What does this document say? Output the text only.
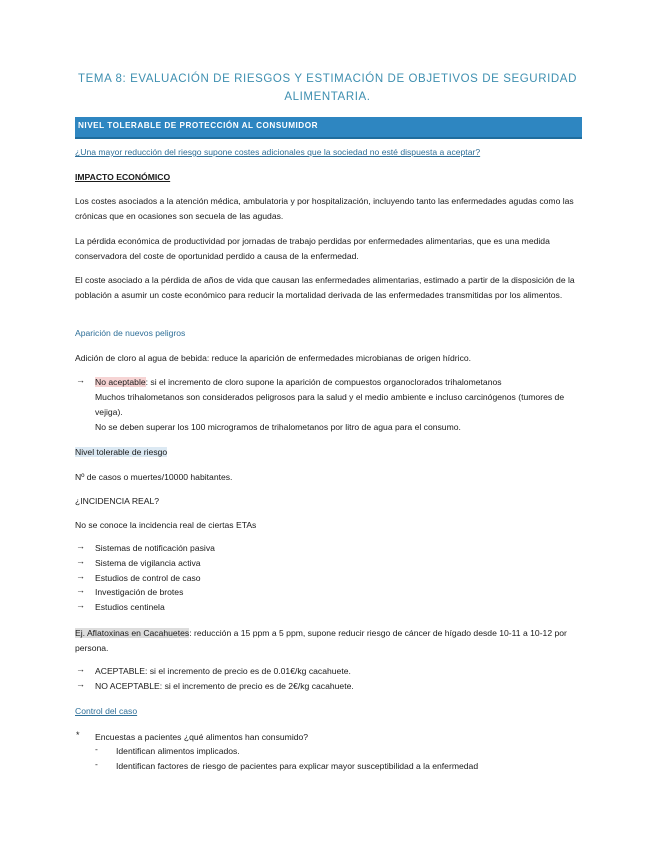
TEMA 8: EVALUACIÓN DE RIESGOS Y ESTIMACIÓN DE OBJETIVOS DE SEGURIDAD ALIMENTARIA.
NIVEL TOLERABLE DE PROTECCIÓN AL CONSUMIDOR
¿Una mayor reducción del riesgo supone costes adicionales que la sociedad no esté dispuesta a aceptar?
IMPACTO ECONÓMICO
Los costes asociados a la atención médica, ambulatoria y por hospitalización, incluyendo tanto las enfermedades agudas como las crónicas que en ocasiones son secuela de las agudas.
La pérdida económica de productividad por jornadas de trabajo perdidas por enfermedades alimentarias, que es una medida conservadora del coste de oportunidad perdido a causa de la enfermedad.
El coste asociado a la pérdida de años de vida que causan las enfermedades alimentarias, estimado a partir de la disposición de la población a asumir un coste económico para reducir la mortalidad derivada de las enfermedades transmitidas por los alimentos.
Aparición de nuevos peligros
Adición de cloro al agua de bebida: reduce la aparición de enfermedades microbianas de origen hídrico.
→ No aceptable: si el incremento de cloro supone la aparición de compuestos organoclorados trihalometanos
Muchos trihalometanos son considerados peligrosos para la salud y el medio ambiente e incluso carcinógenos (tumores de vejiga).
No se deben superar los 100 microgramos de trihalometanos por litro de agua para el consumo.
Nivel tolerable de riesgo
Nº de casos o muertes/10000 habitantes.
¿INCIDENCIA REAL?
No se conoce la incidencia real de ciertas ETAs
→ Sistemas de notificación pasiva
→ Sistema de vigilancia activa
→ Estudios de control de caso
→ Investigación de brotes
→ Estudios centinela
Ej. Aflatoxinas en Cacahuetes: reducción a 15 ppm a 5 ppm, supone reducir riesgo de cáncer de hígado desde 10-11 a 10-12 por persona.
→ ACEPTABLE: si el incremento de precio es de 0.01€/kg cacahuete.
→ NO ACEPTABLE: si el incremento de precio es de 2€/kg cacahuete.
Control del caso
* Encuestas a pacientes ¿qué alimentos han consumido?
- Identifican alimentos implicados.
- Identifican factores de riesgo de pacientes para explicar mayor susceptibilidad a la enfermedad
